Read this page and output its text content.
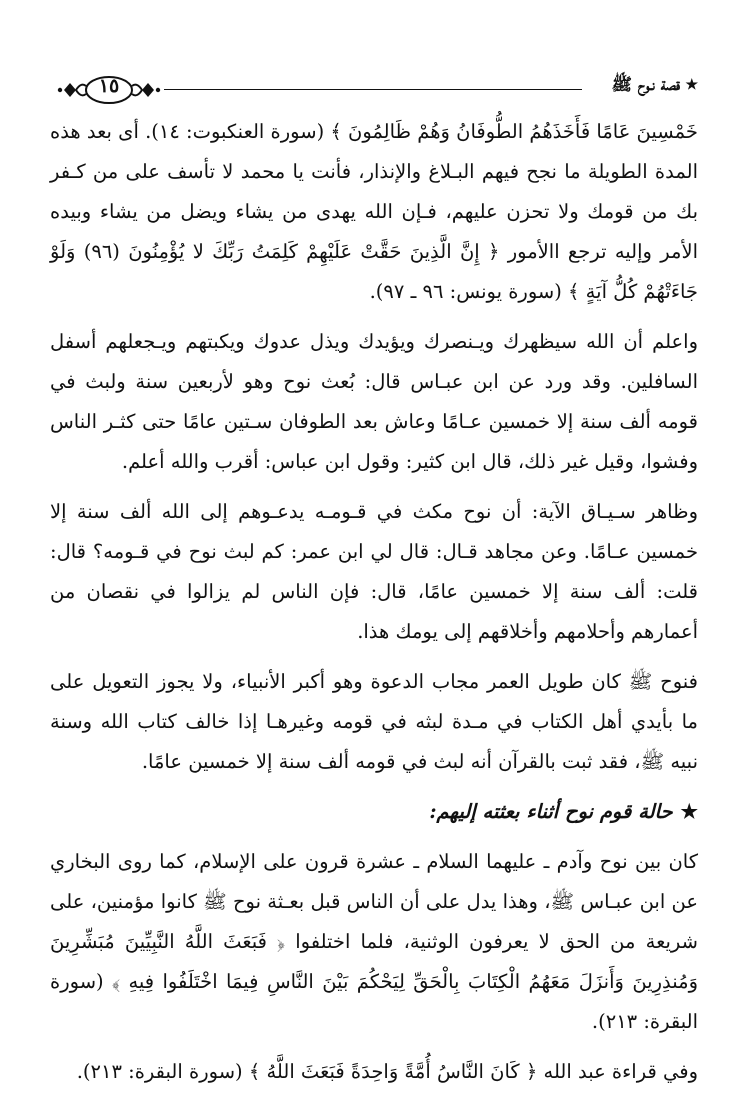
★
قصة نـوح ﷺ
١٥

خَمْسِينَ عَامًا فَأَخَذَهُمُ الطُّوفَانُ وَهُمْ ظَالِمُونَ ﴾ (سورة العنكبوت: ١٤). أى بعد هذه المدة الطويلة ما نجح فيهم البـلاغ والإنذار، فأنت يا محمد لا تأسف على من كـفر بك من قومك ولا تحزن عليهم، فـإن الله يهدى من يشاء ويضل من يشاء وبيده الأمر وإليه ترجع االأمور ﴿ إِنَّ الَّذِينَ حَقَّتْ عَلَيْهِمْ كَلِمَتُ رَبِّكَ لا يُؤْمِنُونَ (٩٦) وَلَوْ جَاءَتْهُمْ كُلُّ آيَةٍ ﴾ (سورة يونس: ٩٦ ـ ٩٧).

واعلم أن الله سيظهرك ويـنصرك ويؤيدك ويذل عدوك ويكبتهم ويـجعلهم أسفل السافلين. وقد ورد عن ابن عبـاس قال: بُعث نوح وهو لأربعين سنة ولبث في قومه ألف سنة إلا خمسين عـامًا وعاش بعد الطوفان سـتين عامًا حتى كثـر الناس وفشوا، وقيل غير ذلك، قال ابن كثير: وقول ابن عباس: أقرب والله أعلم.

وظاهر سـيـاق الآية: أن نوح مكث في قـومـه يدعـوهم إلى الله ألف سنة إلا خمسين عـامًا. وعن مجاهد قـال: قال لي ابن عمر: كم لبث نوح في قـومه؟ قال: قلت: ألف سنة إلا خمسين عامًا، قال: فإن الناس لم يزالوا في نقصان من أعمارهم وأحلامهم وأخلاقهم إلى يومك هذا.

فنوح ﷺ كان طويل العمر مجاب الدعوة وهو أكبر الأنبياء، ولا يجوز التعويل على ما بأيدي أهل الكتاب في مـدة لبثه في قومه وغيرهـا إذا خالف كتاب الله وسنة نبيه ﷺ، فقد ثبت بالقرآن أنه لبث في قومه ألف سنة إلا خمسين عامًا.

★حالة قوم نوح أثناء بعثته إليهم:

كان بين نوح وآدم ـ عليهما السلام ـ عشرة قرون على الإسلام، كما روى البخاري عن ابن عبـاس ﷺ، وهذا يدل على أن الناس قبل بعـثة نوح ﷺ كانوا مؤمنين، على شريعة من الحق لا يعرفون الوثنية، فلما اختلفوا ﴿ فَبَعَثَ اللَّهُ النَّبِيِّينَ مُبَشِّرِينَ وَمُنذِرِينَ وَأَنزَلَ مَعَهُمُ الْكِتَابَ بِالْحَقِّ لِيَحْكُمَ بَيْنَ النَّاسِ فِيمَا اخْتَلَفُوا فِيهِ ﴾ (سورة البقرة: ٢١٣).

وفي قراءة عبد الله ﴿ كَانَ النَّاسُ أُمَّةً وَاحِدَةً فَبَعَثَ اللَّهُ ﴾ (سورة البقرة: ٢١٣).
